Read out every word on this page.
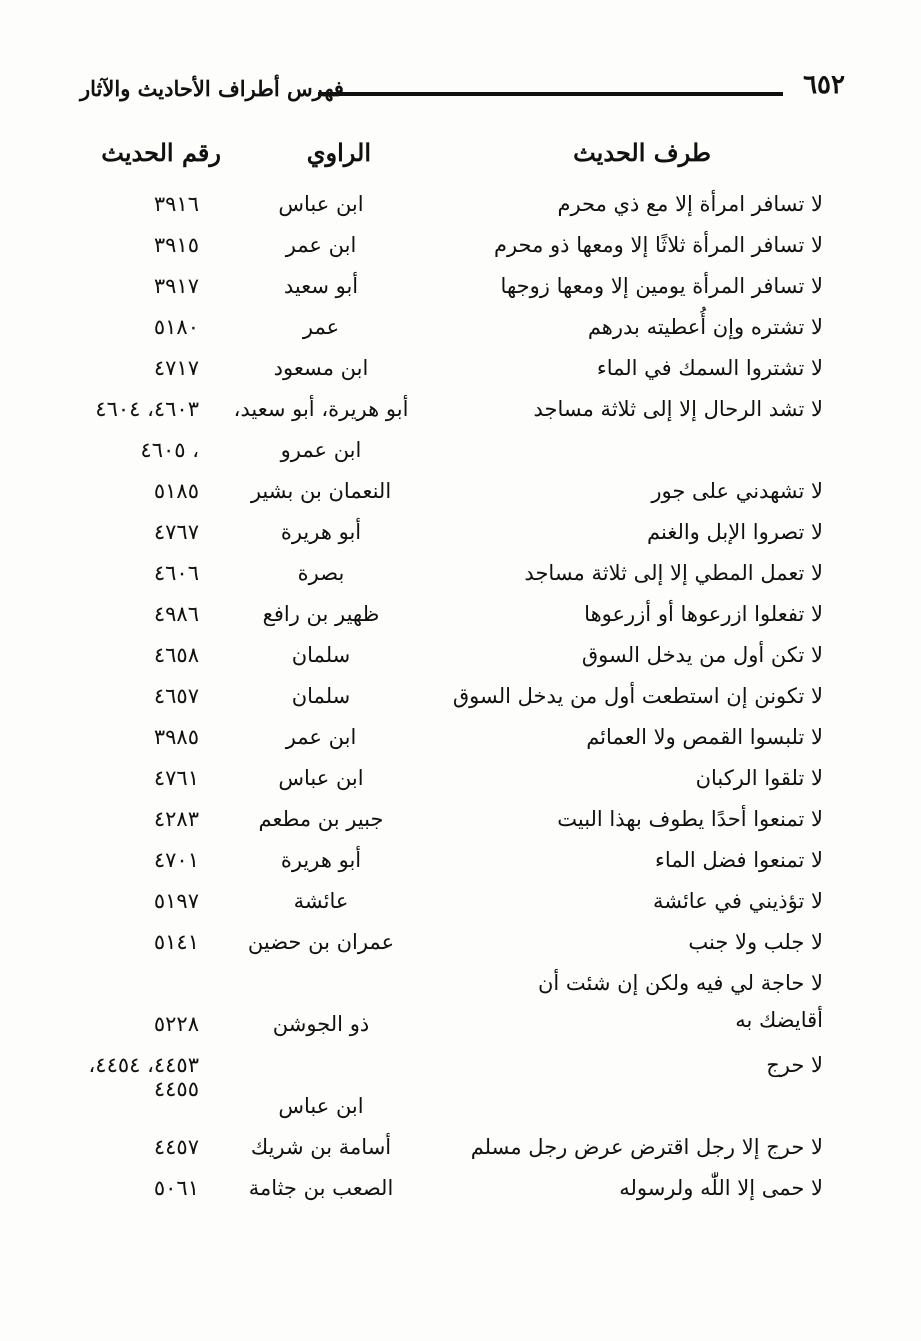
٦٥٢
فهرس أطراف الأحاديث والآثار
طرف الحديث
الراوي
رقم الحديث
لا تسافر امرأة إلا مع ذي محرم
ابن عباس
٣٩١٦
لا تسافر المرأة ثلاثًا إلا ومعها ذو محرم
ابن عمر
٣٩١٥
لا تسافر المرأة يومين إلا ومعها زوجها
أبو سعيد
٣٩١٧
لا تشتره وإن أُعطيته بدرهم
عمر
٥١٨٠
لا تشتروا السمك في الماء
ابن مسعود
٤٧١٧
لا تشد الرحال إلا إلى ثلاثة مساجد
أبو هريرة، أبو سعيد،
٤٦٠٣، ٤٦٠٤
ابن عمرو
، ٤٦٠٥
لا تشهدني على جور
النعمان بن بشير
٥١٨٥
لا تصروا الإبل والغنم
أبو هريرة
٤٧٦٧
لا تعمل المطي إلا إلى ثلاثة مساجد
بصرة
٤٦٠٦
لا تفعلوا ازرعوها أو أزرعوها
ظهير بن رافع
٤٩٨٦
لا تكن أول من يدخل السوق
سلمان
٤٦٥٨
لا تكونن إن استطعت أول من يدخل السوق
سلمان
٤٦٥٧
لا تلبسوا القمص ولا العمائم
ابن عمر
٣٩٨٥
لا تلقوا الركبان
ابن عباس
٤٧٦١
لا تمنعوا أحدًا يطوف بهذا البيت
جبير بن مطعم
٤٢٨٣
لا تمنعوا فضل الماء
أبو هريرة
٤٧٠١
لا تؤذيني في عائشة
عائشة
٥١٩٧
لا جلب ولا جنب
عمران بن حضين
٥١٤١
لا حاجة لي فيه ولكن إن شئت أن
أقايضك به
ذو الجوشن
٥٢٢٨
لا حرج
ابن عباس
٤٤٥٣، ٤٤٥٤،
٤٤٥٥
لا حرج إلا رجل اقترض عرض رجل مسلم
أسامة بن شريك
٤٤٥٧
لا حمى إلا اللّٰه ولرسوله
الصعب بن جثامة
٥٠٦١
